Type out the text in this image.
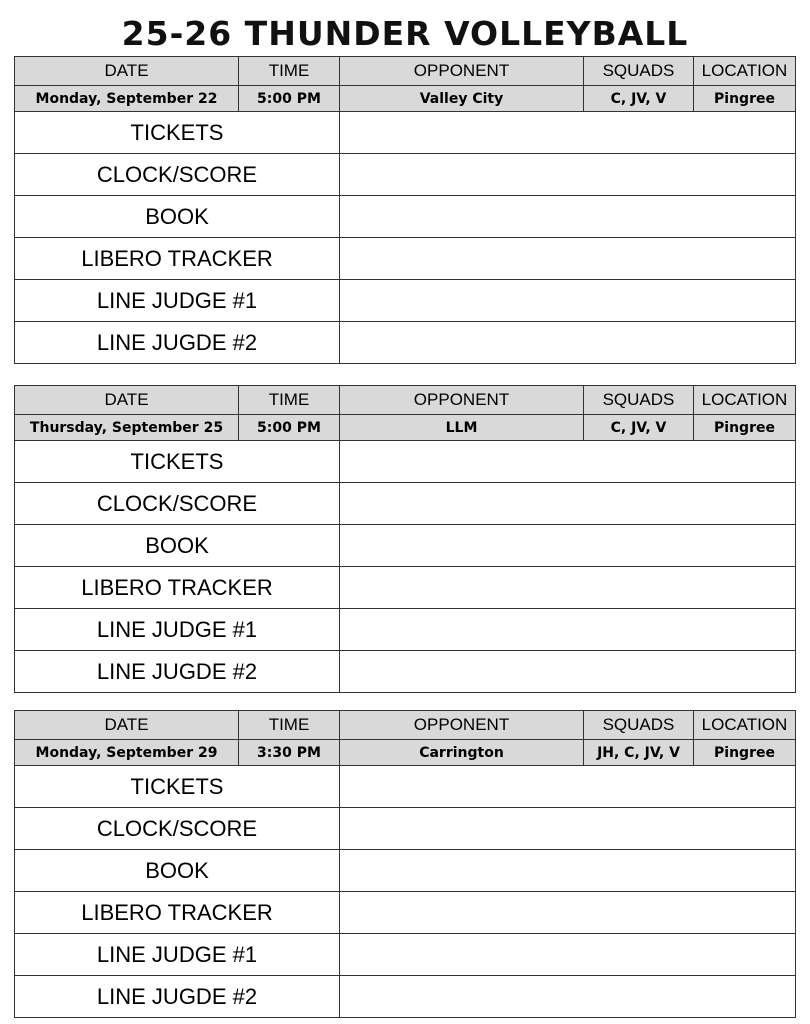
25-26 THUNDER VOLLEYBALL
DATE	TIME	OPPONENT	SQUADS	LOCATION
Monday, September 22	5:00 PM	Valley City	C, JV, V	Pingree
TICKETS				
CLOCK/SCORE				
BOOK				
LIBERO TRACKER				
LINE JUDGE #1				
LINE JUGDE #2				
DATE	TIME	OPPONENT	SQUADS	LOCATION
Thursday, September 25	5:00 PM	LLM	C, JV, V	Pingree
TICKETS				
CLOCK/SCORE				
BOOK				
LIBERO TRACKER				
LINE JUDGE #1				
LINE JUGDE #2				
DATE	TIME	OPPONENT	SQUADS	LOCATION
Monday, September 29	3:30 PM	Carrington	JH, C, JV, V	Pingree
TICKETS				
CLOCK/SCORE				
BOOK				
LIBERO TRACKER				
LINE JUDGE #1				
LINE JUGDE #2				
